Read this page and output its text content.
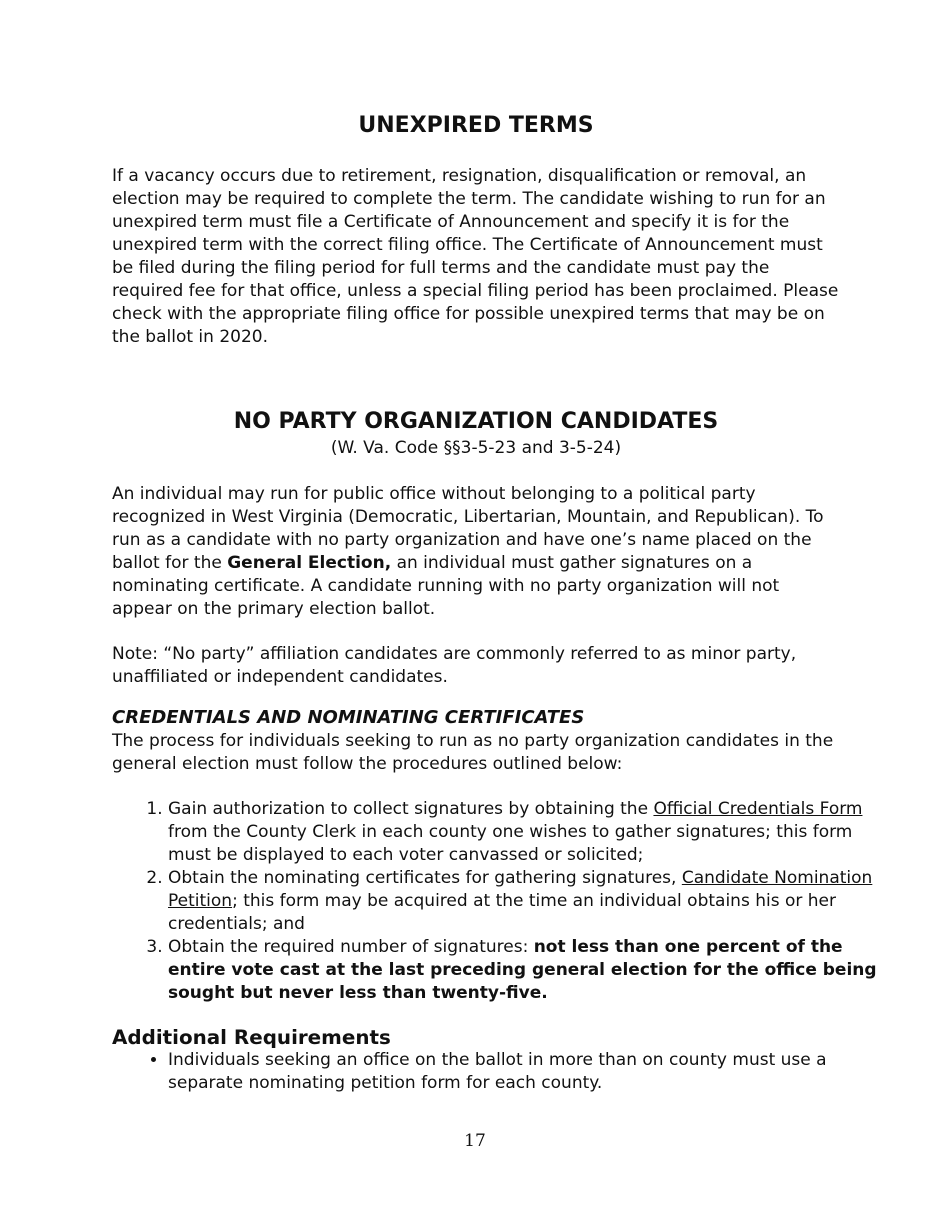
UNEXPIRED TERMS

If a vacancy occurs due to retirement, resignation, disqualification or removal, an election may be required to complete the term. The candidate wishing to run for an unexpired term must file a Certificate of Announcement and specify it is for the unexpired term with the correct filing office. The Certificate of Announcement must be filed during the filing period for full terms and the candidate must pay the required fee for that office, unless a special filing period has been proclaimed. Please check with the appropriate filing office for possible unexpired terms that may be on the ballot in 2020.

NO PARTY ORGANIZATION CANDIDATES

(W. Va. Code §§3-5-23 and 3-5-24)

An individual may run for public office without belonging to a political party recognized in West Virginia (Democratic, Libertarian, Mountain, and Republican). To run as a candidate with no party organization and have one’s name placed on the ballot for the General Election, an individual must gather signatures on a nominating certificate. A candidate running with no party organization will not appear on the primary election ballot.

Note: “No party” affiliation candidates are commonly referred to as minor party, unaffiliated or independent candidates.

CREDENTIALS AND NOMINATING CERTIFICATES

The process for individuals seeking to run as no party organization candidates in the general election must follow the procedures outlined below:

1. Gain authorization to collect signatures by obtaining the Official Credentials Form from the County Clerk in each county one wishes to gather signatures; this form must be displayed to each voter canvassed or solicited;
2. Obtain the nominating certificates for gathering signatures, Candidate Nomination Petition; this form may be acquired at the time an individual obtains his or her credentials; and
3. Obtain the required number of signatures: not less than one percent of the entire vote cast at the last preceding general election for the office being sought but never less than twenty-five.
Additional Requirements
• Individuals seeking an office on the ballot in more than on county must use a separate nominating petition form for each county.
17
